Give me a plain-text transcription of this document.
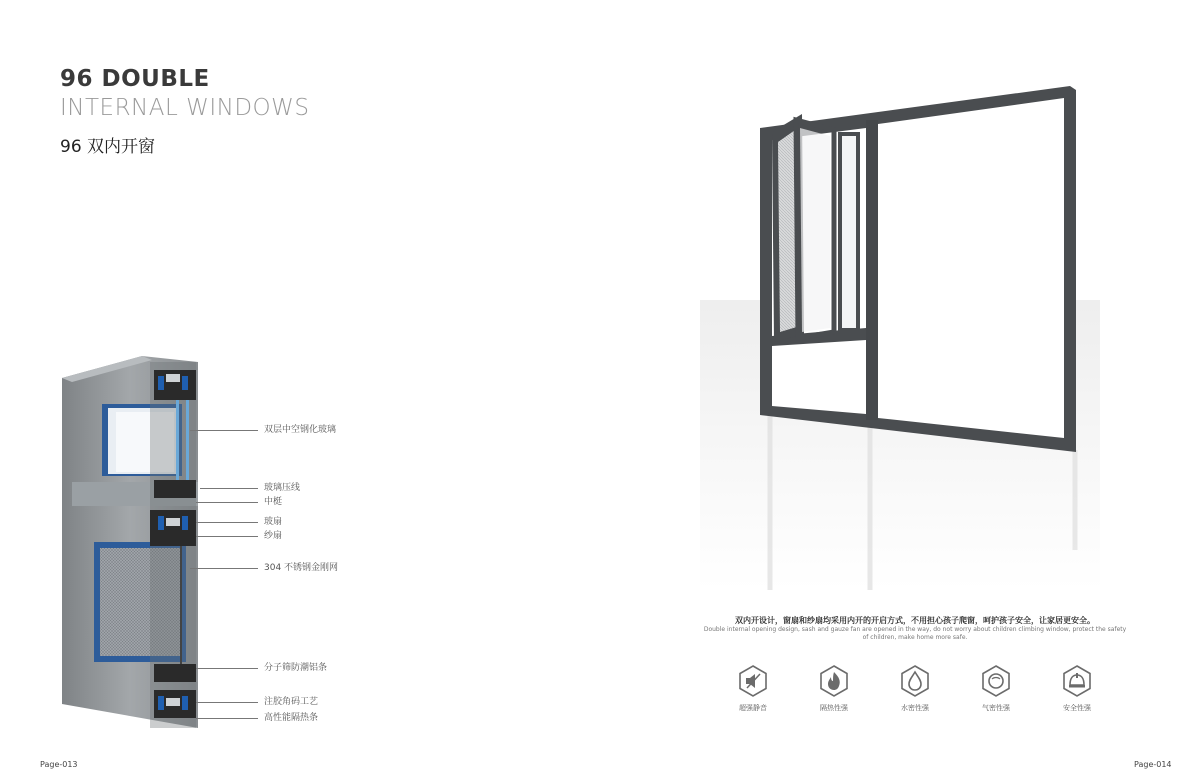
96 DOUBLE
INTERNAL WINDOWS
96 双内开窗
双层中空钢化玻璃
玻璃压线
中梃
玻扇
纱扇
304 不锈钢金刚网
分子筛防潮铝条
注胶角码工艺
高性能隔热条
Page-013
双内开设计，窗扇和纱扇均采用内开的开启方式，不用担心孩子爬窗，呵护孩子安全，让家居更安全。
Double internal opening design, sash and gauze fan are opened in the way, do not worry about children climbing window, protect the safety of children, make home more safe.
超强静音	隔热性强	水密性强	气密性强	安全性强
Page-014
